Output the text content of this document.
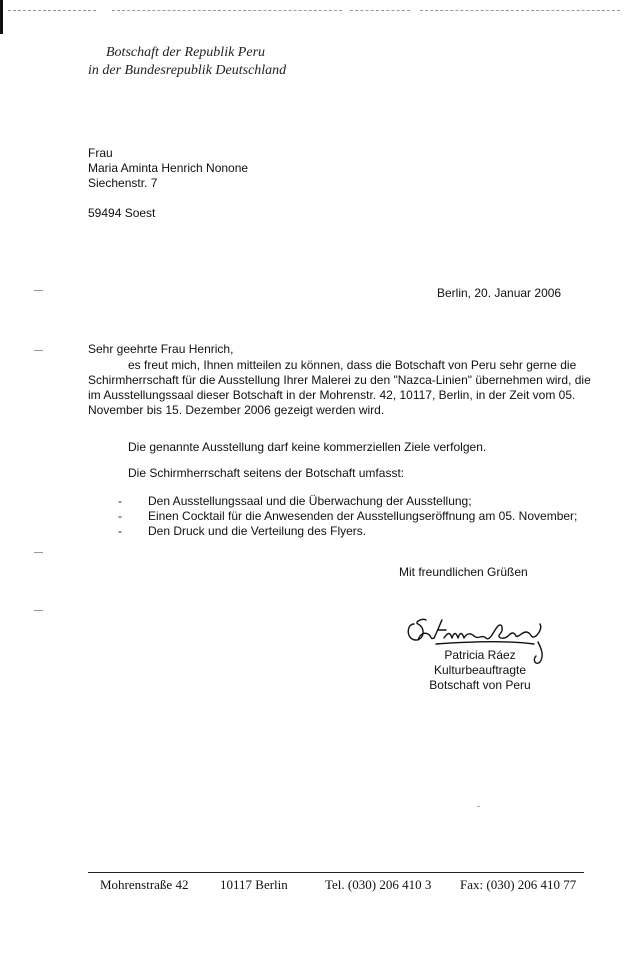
Botschaft der Republik Peru
in der Bundesrepublik Deutschland
Frau
Maria Aminta Henrich Nonone
Siechenstr. 7
59494 Soest
Berlin, 20. Januar 2006
Sehr geehrte Frau Henrich,
es freut mich, Ihnen mitteilen zu können, dass die Botschaft von Peru sehr gerne die Schirmherrschaft für die Ausstellung Ihrer Malerei zu den "Nazca-Linien" übernehmen wird, die im Ausstellungssaal dieser Botschaft in der Mohrenstr. 42, 10117, Berlin, in der Zeit vom 05. November bis 15. Dezember 2006 gezeigt werden wird.
Die genannte Ausstellung darf keine kommerziellen Ziele verfolgen.
Die Schirmherrschaft seitens der Botschaft umfasst:
- Den Ausstellungssaal und die Überwachung der Ausstellung;
- Einen Cocktail für die Anwesenden der Ausstellungseröffnung am 05. November;
- Den Druck und die Verteilung des Flyers.
Mit freundlichen Grüßen
Patricia Ráez
Kulturbeauftragte
Botschaft von Peru
Mohrenstraße 42	10117 Berlin	Tel. (030) 206 410 3	Fax: (030) 206 410 77
